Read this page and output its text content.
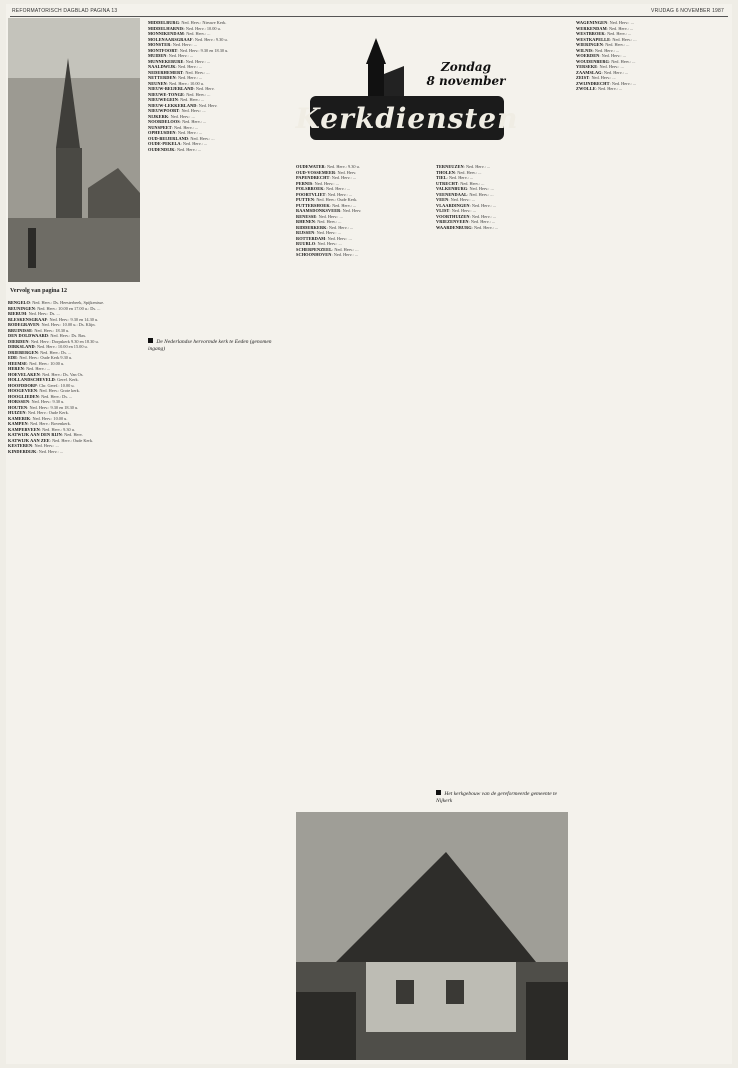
REFORMATORISCH DAGBLAD PAGINA 13	VRIJDAG 6 NOVEMBER 1987
Vervolg van pagina 12
Zondag
8 november
Kerkdiensten

BENGELO: Ned. Herv.: Ds. Heesterbeek, Spijkenisse.

BEUNINGEN: Ned. Herv.: 10.00 en 17.00 u.: Ds. ...

BIERUM: Ned. Herv.: Ds. ...

BLESKENSGRAAF: Ned. Herv.: 9.30 en 14.30 u.

BODEGRAVEN: Ned. Herv.: 10.00 u.: Ds. Klijn.

BRUINISSE: Ned. Herv.: 18.30 u.

DEN DOLDWAARD: Ned. Herv.: Ds. Bax.

DIERDEN: Ned. Herv.: Dorpskerk 9.30 en 18.30 u.

DIRKSLAND: Ned. Herv.: 10.00 en 15.00 u.

DRIEBERGEN: Ned. Herv.: Ds. ...

EDE: Ned. Herv.: Oude Kerk 9.30 u.

HEEMSE: Ned. Herv.: 10.00 u.

HEREN: Ned. Herv.: ...

HOEVELAKEN: Ned. Herv.: Ds. Van Os.

HOLLANDSCHEVELD: Geref. Kerk.

HOOFDDORP: Chr. Geref.: 10.00 u.

HOOGEVEEN: Ned. Herv.: Grote kerk.

HOOGLIEDEN: Ned. Herv.: Ds. ...

HORSSEN: Ned. Herv.: 9.30 u.

HOUTEN: Ned. Herv.: 9.30 en 18.30 u.

HUIZEN: Ned. Herv.: Oude Kerk.

KAMERIK: Ned. Herv.: 10.00 u.

KAMPEN: Ned. Herv.: Bovenkerk.

KAMPERVEEN: Ned. Herv.: 9.30 u.

KATWIJK AAN DEN RIJN: Ned. Herv.

KATWIJK AAN ZEE: Ned. Herv.: Oude Kerk.

KESTEREN: Ned. Herv.: ...

KINDERDIJK: Ned. Herv.: ...

De Nederlandse hervormde kerk te Eeden (genomen ingang)

MIDDELBURG: Ned. Herv.: Nieuwe Kerk.

MIDDELHARNIS: Ned. Herv.: 10.00 u.

MONNIKENDAM: Ned. Herv.: ...

MOLENAARSGRAAF: Ned. Herv.: 9.30 u.

MONSTER: Ned. Herv.: ...

MONTFOORT: Ned. Herv.: 9.30 en 18.30 u.

MUIDEN: Ned. Herv.: ...

MUNNEKEBURE: Ned. Herv.: ...

NAALDWIJK: Ned. Herv.: ...

NEDERHEMERT: Ned. Herv.: ...

NETTERDEN: Ned. Herv.: ...

NEUNEN: Ned. Herv.: 10.00 u.

NIEUW-BEIJERLAND: Ned. Herv.

NIEUWE-TONGE: Ned. Herv.: ...

NIEUWEGEIN: Ned. Herv.: ...

NIEUW-LEKKERLAND: Ned. Herv.

NIEUWPOORT: Ned. Herv.: ...

NIJKERK: Ned. Herv.: ...

NOORDELOOS: Ned. Herv.: ...

NUNSPEET: Ned. Herv.: ...

OPHEUSDEN: Ned. Herv.: ...

OUD-BEIJERLAND: Ned. Herv.: ...

OUDE-PEKELA: Ned. Herv.: ...

OUDENDIJK: Ned. Herv.: ...

OUDEWATER: Ned. Herv.: 9.30 u.

OUD-VOSSEMEER: Ned. Herv.

PAPENDRECHT: Ned. Herv.: ...

PERNIS: Ned. Herv.: ...

POLSBROEK: Ned. Herv.: ...

POORTVLIET: Ned. Herv.: ...

PUTTEN: Ned. Herv.: Oude Kerk.

PUTTERSHOEK: Ned. Herv.: ...

RAAMSDONKSVEER: Ned. Herv.

RENESSE: Ned. Herv.: ...

RHENEN: Ned. Herv.: ...

RIDDERKERK: Ned. Herv.: ...

RIJSSEN: Ned. Herv.: ...

ROTTERDAM: Ned. Herv.: ...

RUURLO: Ned. Herv.: ...

SCHERPENZEEL: Ned. Herv.: ...

SCHOONHOVEN: Ned. Herv.: ...

TERNEUZEN: Ned. Herv.: ...

THOLEN: Ned. Herv.: ...

TIEL: Ned. Herv.: ...

UTRECHT: Ned. Herv.: ...

VALKENBURG: Ned. Herv.: ...

VEENENDAAL: Ned. Herv.: ...

VEEN: Ned. Herv.: ...

VLAARDINGEN: Ned. Herv.: ...

VLIST: Ned. Herv.: ...

VOORTHUIZEN: Ned. Herv.: ...

VRIEZENVEEN: Ned. Herv.: ...

WAARDENBURG: Ned. Herv.: ...

WAGENINGEN: Ned. Herv.: ...

WERKENDAM: Ned. Herv.: ...

WESTBROEK: Ned. Herv.: ...

WESTKAPELLE: Ned. Herv.: ...

WIERINGEN: Ned. Herv.: ...

WILNIS: Ned. Herv.: ...

WOERDEN: Ned. Herv.: ...

WOUDENBERG: Ned. Herv.: ...

YERSEKE: Ned. Herv.: ...

ZAAMSLAG: Ned. Herv.: ...

ZEIST: Ned. Herv.: ...

ZWIJNDRECHT: Ned. Herv.: ...

ZWOLLE: Ned. Herv.: ...

Het kerkgebouw van de gereformeerde gemeente te Nijkerk
